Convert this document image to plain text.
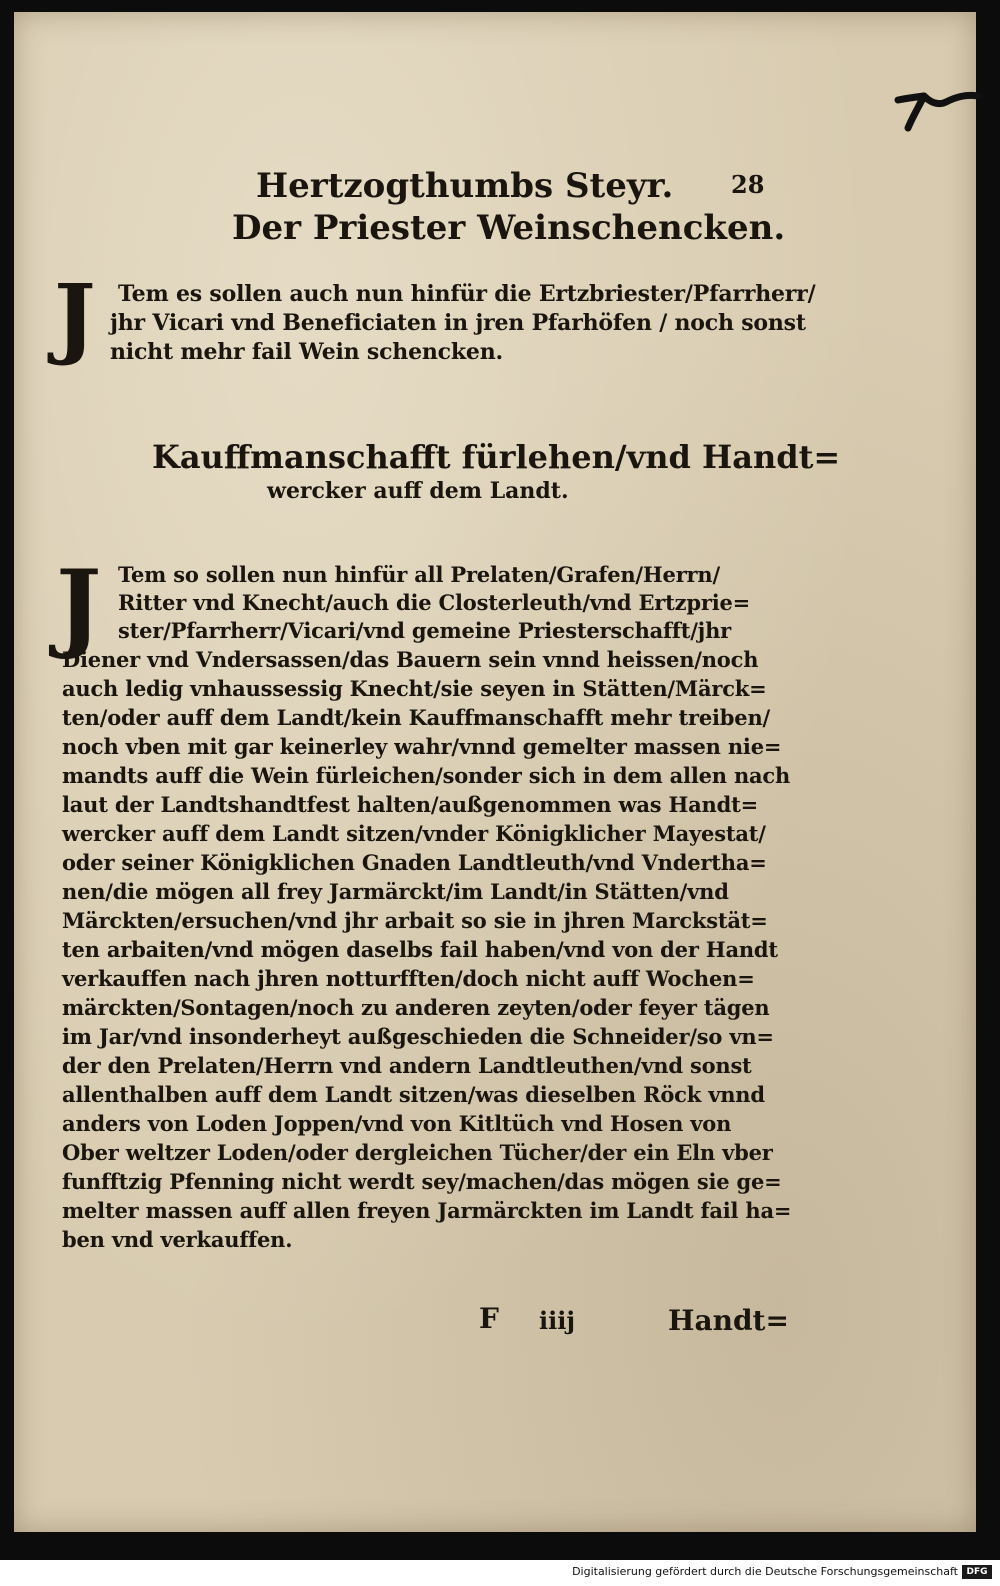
Hertzogthumbs Steyr. 28
Der Priester Weinschencken.
J Tem es sollen auch nun hinfür die Ertzbriester/Pfarrherr/

jhr Vicari vnd Beneficiaten in jren Pfarhöfen / noch sonst

nicht mehr fail Wein schencken.

Kauffmanschafft fürlehen/vnd Handt=
wercker auff dem Landt.
J Tem so sollen nun hinfür all Prelaten/Grafen/Herrn/

Ritter vnd Knecht/auch die Closterleuth/vnd Ertzprie=

ster/Pfarrherr/Vicari/vnd gemeine Priesterschafft/jhr

Diener vnd Vndersassen/das Bauern sein vnnd heissen/noch

auch ledig vnhaussessig Knecht/sie seyen in Stätten/Märck=

ten/oder auff dem Landt/kein Kauffmanschafft mehr treiben/

noch vben mit gar keinerley wahr/vnnd gemelter massen nie=

mandts auff die Wein fürleichen/sonder sich in dem allen nach

laut der Landtshandtfest halten/außgenommen was Handt=

wercker auff dem Landt sitzen/vnder Königklicher Mayestat/

oder seiner Königklichen Gnaden Landtleuth/vnd Vndertha=

nen/die mögen all frey Jarmärckt/im Landt/in Stätten/vnd

Märckten/ersuchen/vnd jhr arbait so sie in jhren Marckstät=

ten arbaiten/vnd mögen daselbs fail haben/vnd von der Handt

verkauffen nach jhren notturfften/doch nicht auff Wochen=

märckten/Sontagen/noch zu anderen zeyten/oder feyer tägen

im Jar/vnd insonderheyt außgeschieden die Schneider/so vn=

der den Prelaten/Herrn vnd andern Landtleuthen/vnd sonst

allenthalben auff dem Landt sitzen/was dieselben Röck vnnd

anders von Loden Joppen/vnd von Kitltüch vnd Hosen von

Ober weltzer Loden/oder dergleichen Tücher/der ein Eln vber

funfftzig Pfenning nicht werdt sey/machen/das mögen sie ge=

melter massen auff allen freyen Jarmärckten im Landt fail ha=

ben vnd verkauffen.

F iiij	Handt=
Digitalisierung gefördert durch die Deutsche Forschungsgemeinschaft DFG
